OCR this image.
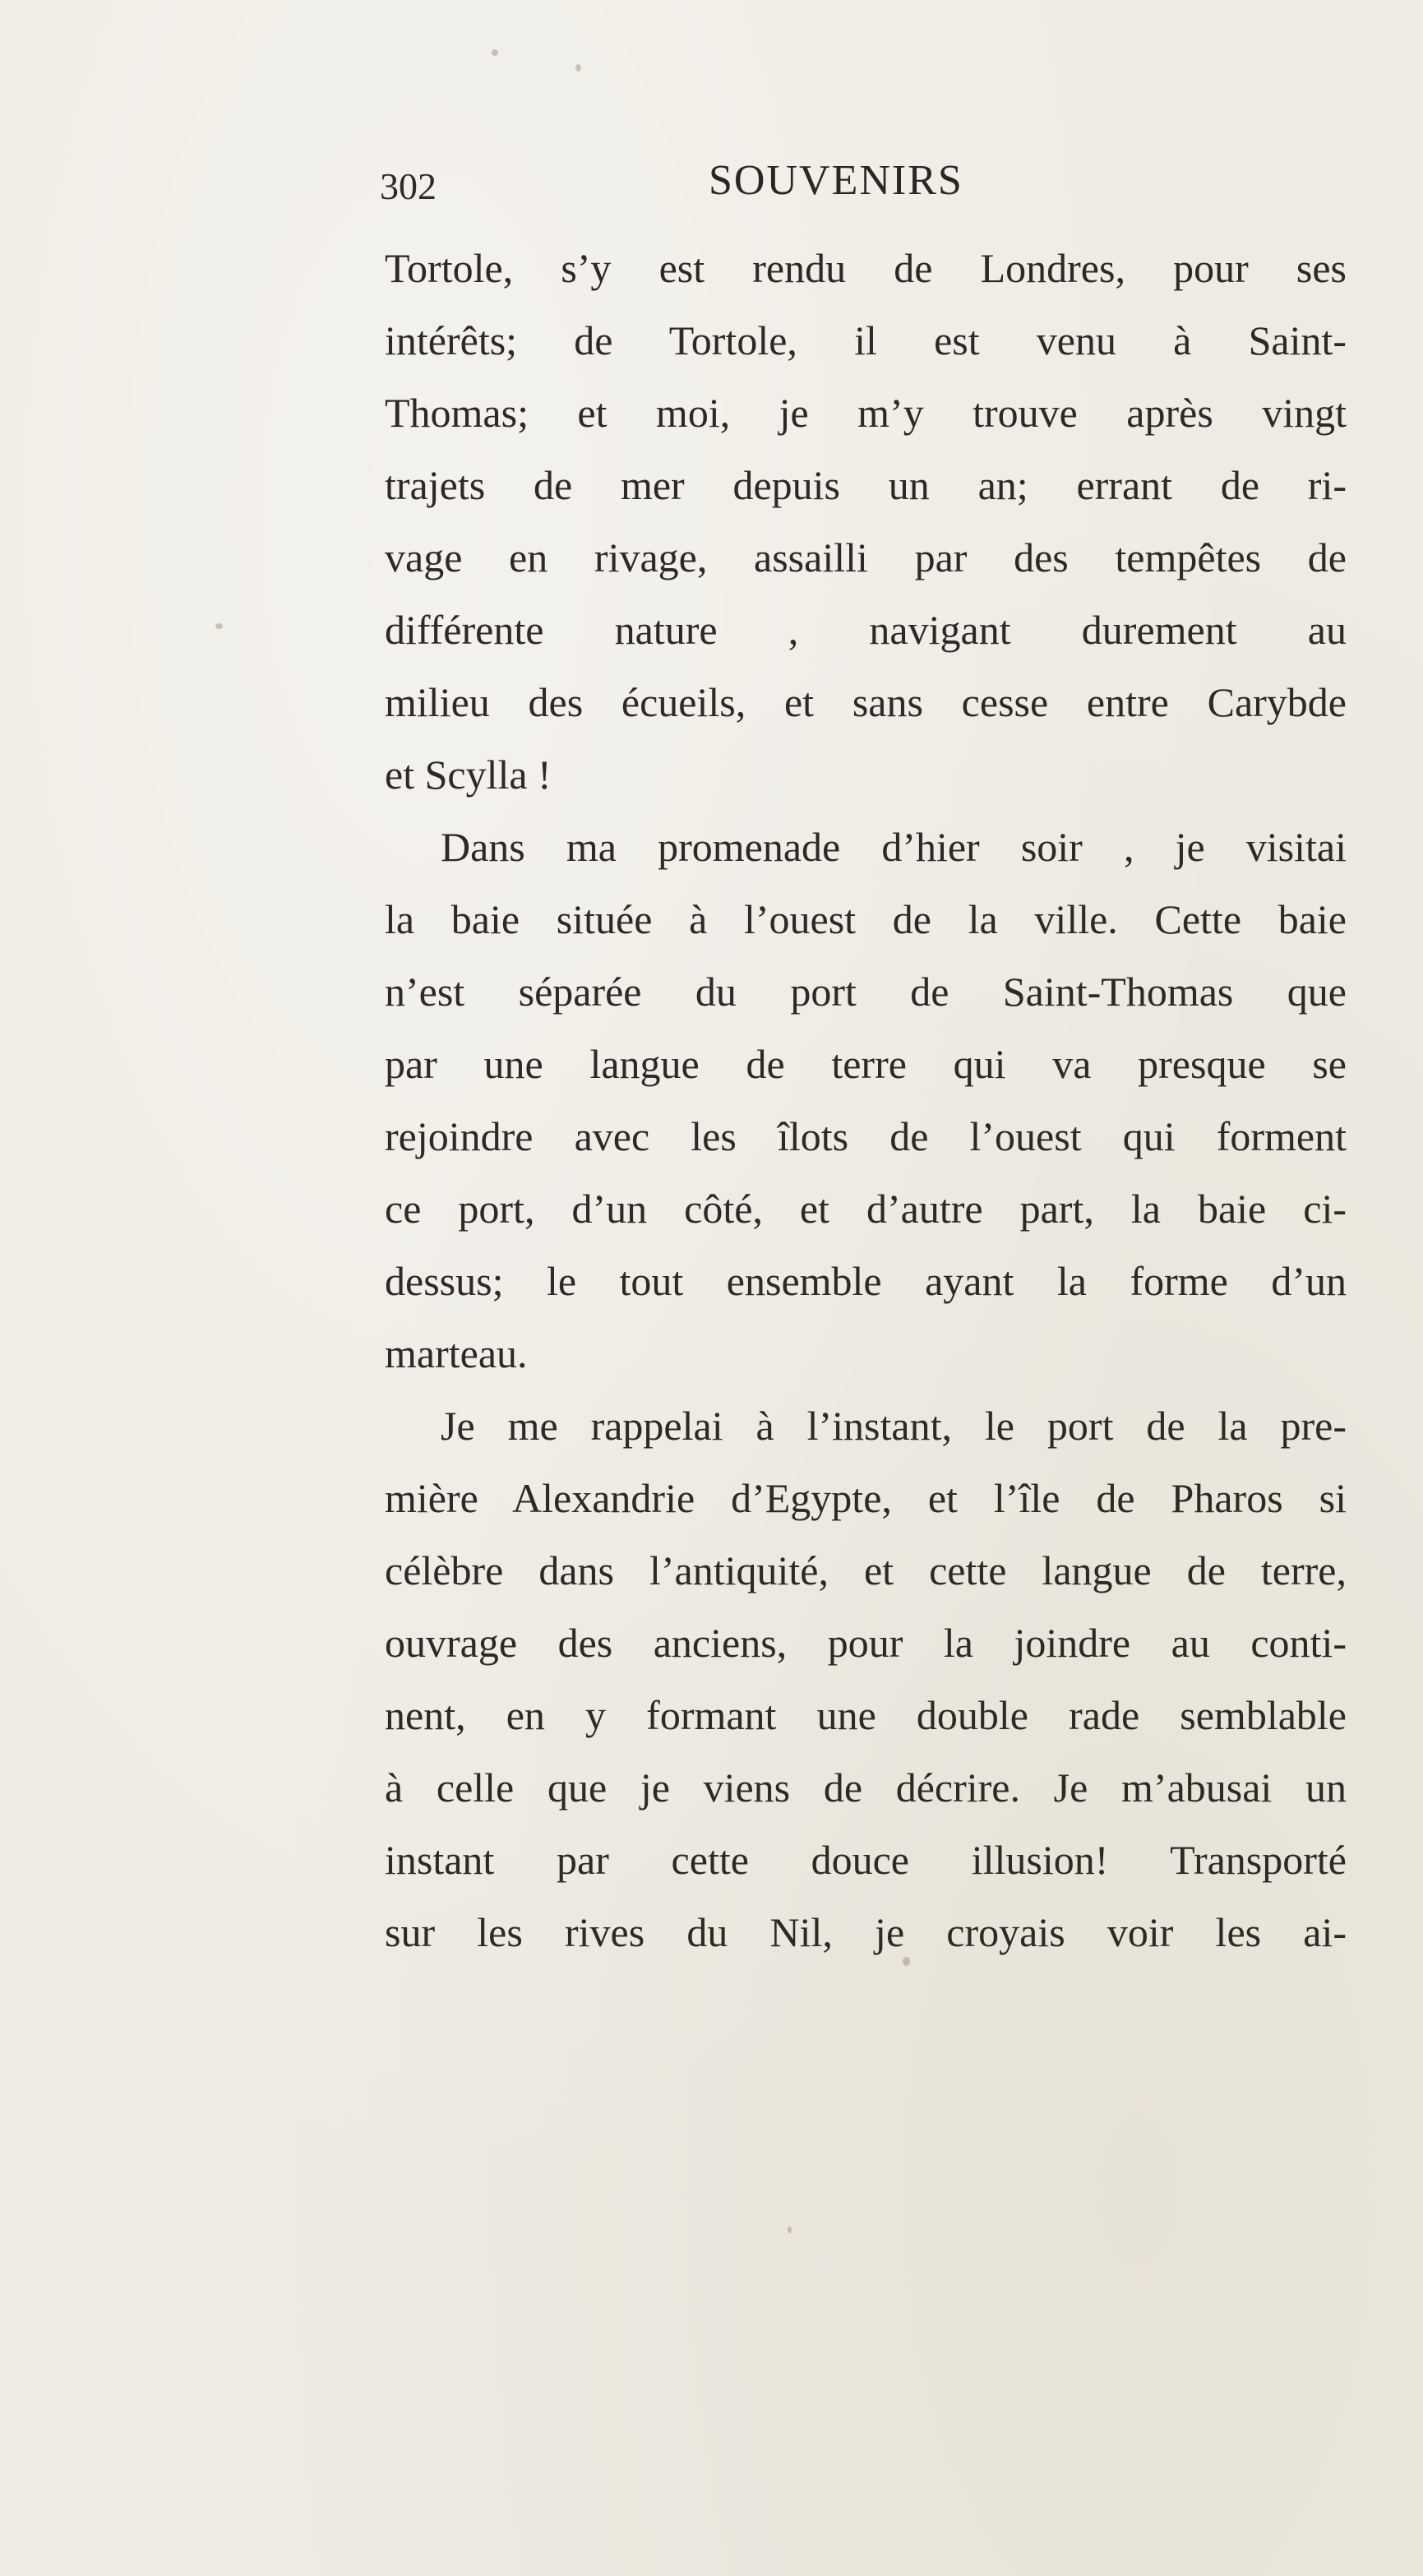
302	SOUVENIRS
Tortole, s’y est rendu de Londres, pour ses
intérêts; de Tortole, il est venu à Saint-
Thomas; et moi, je m’y trouve après vingt
trajets de mer depuis un an; errant de ri-
vage en rivage, assailli par des tempêtes de
différente nature , navigant durement au
milieu des écueils, et sans cesse entre Carybde
et Scylla !
Dans ma promenade d’hier soir , je visitai
la baie située à l’ouest de la ville. Cette baie
n’est séparée du port de Saint-Thomas que
par une langue de terre qui va presque se
rejoindre avec les îlots de l’ouest qui forment
ce port, d’un côté, et d’autre part, la baie ci-
dessus; le tout ensemble ayant la forme d’un
marteau.
Je me rappelai à l’instant, le port de la pre-
mière Alexandrie d’Egypte, et l’île de Pharos si
célèbre dans l’antiquité, et cette langue de terre,
ouvrage des anciens, pour la joindre au conti-
nent, en y formant une double rade semblable
à celle que je viens de décrire. Je m’abusai un
instant par cette douce illusion! Transporté
sur les rives du Nil, je croyais voir les ai-
